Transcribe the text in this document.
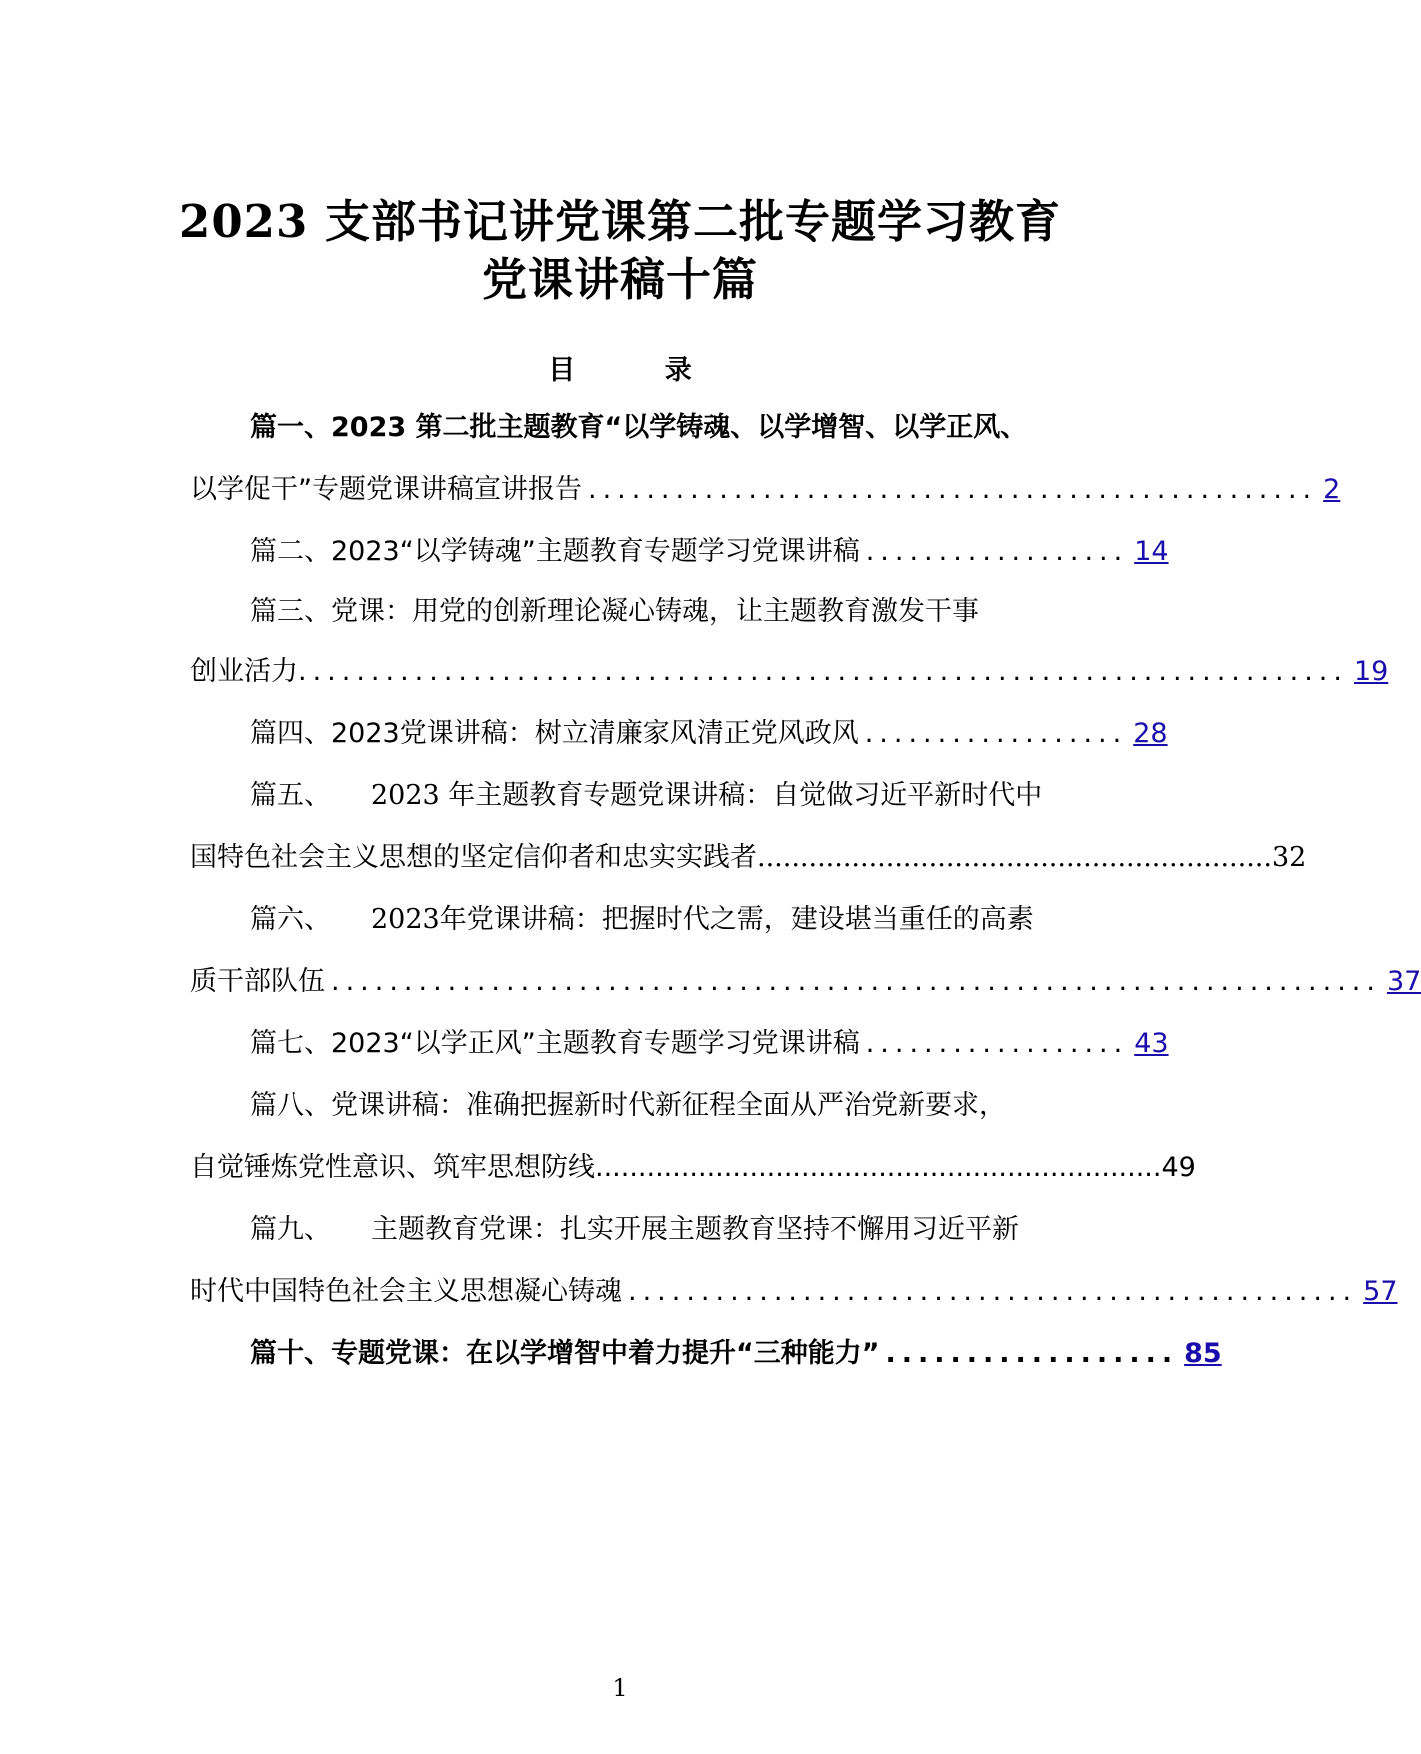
2023 支部书记讲党课第二批专题学习教育
党课讲稿十篇
目 录
篇一、2023 第二批主题教育“以学铸魂、以学增智、以学正风、
以学促干”专题党课讲稿宣讲报告 .................................................. 2
篇二、 2023“以学铸魂”主题教育专题学习党课讲稿 .................. 14
篇三、党课：用党的创新理论凝心铸魂，让主题教育激发干事
创业活力 ........................................................................ 19
篇四、2023党课讲稿：树立清廉家风清正党风政风 .................. 28
篇五、 2023 年主题教育专题党课讲稿：自觉做习近平新时代中
国特色社会主义思想的坚定信仰者和忠实实践者 ............................................................ 32
篇六、 2023年党课讲稿：把握时代之需，建设堪当重任的高素
质干部队伍 ........................................................................ 37
篇七、2023“以学正风”主题教育专题学习党课讲稿 .................. 43
篇八、党课讲稿：准确把握新时代新征程全面从严治党新要求，
自觉锤炼党性意识、筑牢思想防线 .................................................................. 49
篇九、 主题教育党课：扎实开展主题教育坚持不懈用习近平新
时代中国特色社会主义思想凝心铸魂 .................................................. 57
篇十、 专题党课：在以学增智中着力提升“三种能力” .................. 85
1
